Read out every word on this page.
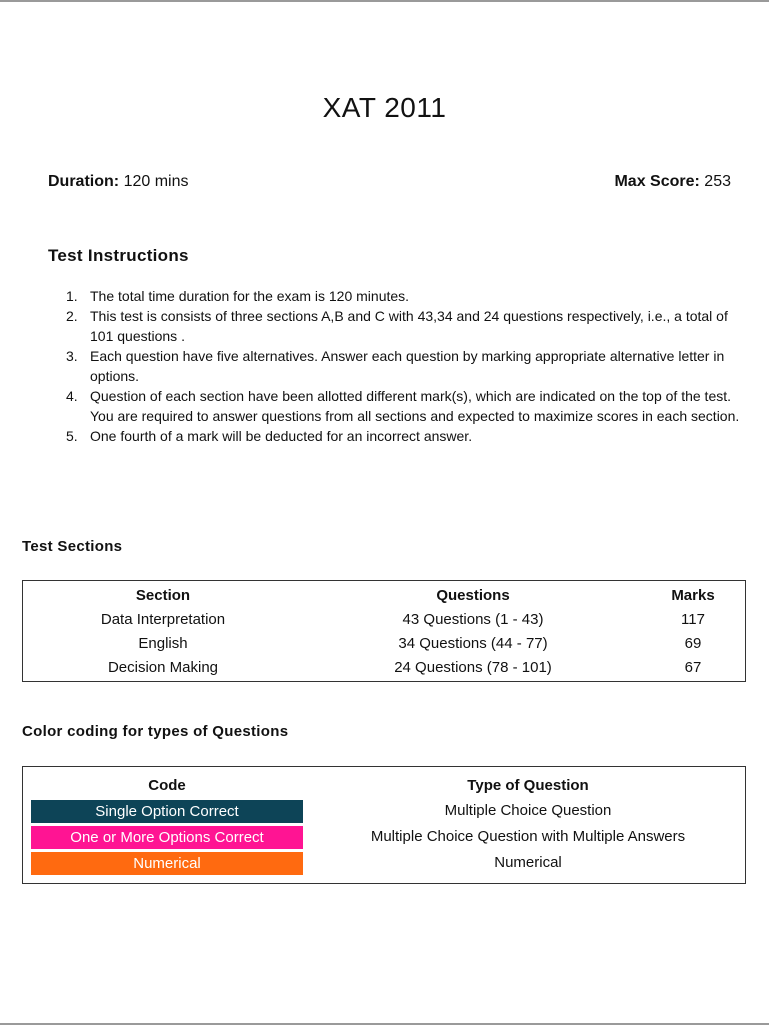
XAT 2011
Duration: 120 mins	Max Score: 253
Test Instructions
1. The total time duration for the exam is 120 minutes.
2. This test is consists of three sections A,B and C with 43,34 and 24 questions respectively, i.e., a total of 101 questions .
3. Each question have five alternatives. Answer each question by marking appropriate alternative letter in options.
4. Question of each section have been allotted different mark(s), which are indicated on the top of the test. You are required to answer questions from all sections and expected to maximize scores in each section.
5. One fourth of a mark will be deducted for an incorrect answer.
Test Sections
Section	Questions	Marks
Data Interpretation	43 Questions (1 - 43)	117
English	34 Questions (44 - 77)	69
Decision Making	24 Questions (78 - 101)	67
Color coding for types of Questions
Code	Type of Question
Single Option Correct	Multiple Choice Question
One or More Options Correct	Multiple Choice Question with Multiple Answers
Numerical	Numerical
